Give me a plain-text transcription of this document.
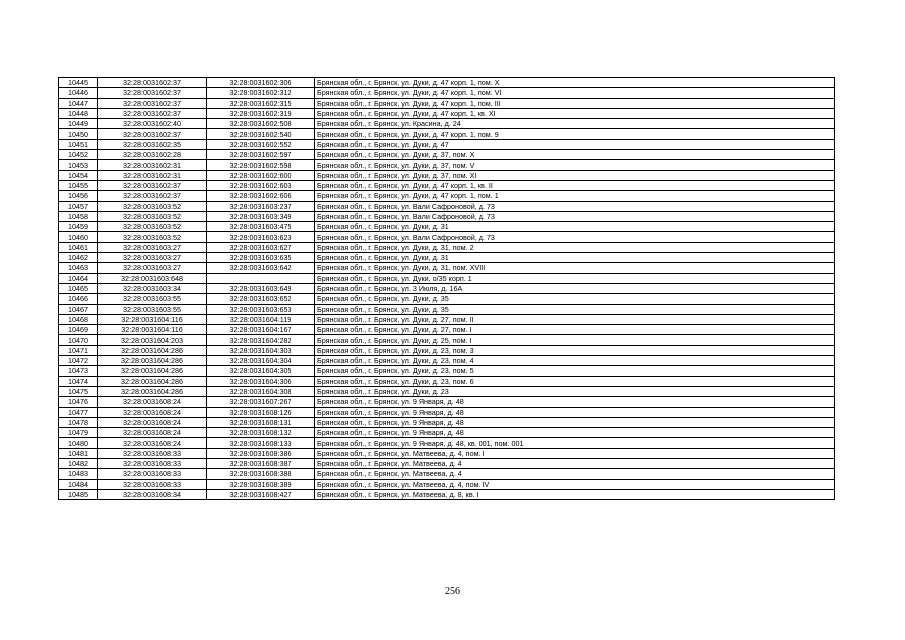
10445	32:28:0031602:37	32:28:0031602:306	Брянская обл., г. Брянск, ул. Дуки, д. 47 корп. 1, пом. Х
10446	32:28:0031602:37	32:28:0031602:312	Брянская обл., г. Брянск, ул. Дуки, д. 47 корп. 1, пом. VI
10447	32:28:0031602:37	32:28:0031602:315	Брянская обл., г. Брянск, ул. Дуки, д. 47 корп. 1, пом. III
10448	32:28:0031602:37	32:28:0031602:319	Брянская обл., г. Брянск, ул. Дуки, д. 47 корп. 1, кв. XI
10449	32:28:0031602:40	32:28:0031602:508	Брянская обл., г. Брянск, ул. Красина, д. 24
10450	32:28:0031602:37	32:28:0031602:540	Брянская обл., г. Брянск, ул. Дуки, д. 47 корп. 1, пом. 9
10451	32:28:0031602:35	32:28:0031602:552	Брянская обл., г. Брянск, ул. Дуки, д. 47
10452	32:28:0031602:28	32:28:0031602:597	Брянская обл., г. Брянск, ул. Дуки, д. 37, пом. Х
10453	32:28:0031602:31	32:28:0031602:598	Брянская обл., г. Брянск, ул. Дуки, д. 37, пом. V
10454	32:28:0031602:31	32:28:0031602:600	Брянская обл., г. Брянск, ул. Дуки, д. 37, пом. XI
10455	32:28:0031602:37	32:28:0031602:603	Брянская обл., г. Брянск, ул. Дуки, д. 47 корп. 1, кв. II
10456	32:28:0031602:37	32:28:0031602:606	Брянская обл., г. Брянск, ул. Дуки, д. 47 корп. 1, пом. 1
10457	32:28:0031603:52	32:28:0031603:237	Брянская обл., г. Брянск, ул. Вали Сафроновой, д. 73
10458	32:28:0031603:52	32:28:0031603:349	Брянская обл., г. Брянск, ул. Вали Сафроновой, д. 73
10459	32:28:0031603:52	32:28:0031603:475	Брянская обл., г. Брянск, ул. Дуки, д. 31
10460	32:28:0031603:52	32:28:0031603:623	Брянская обл., г. Брянск, ул. Вали Сафроновой, д. 73
10461	32:28:0031603:27	32:28:0031603:627	Брянская обл., г. Брянск, ул. Дуки, д. 31, пом. 2
10462	32:28:0031603:27	32:28:0031603:635	Брянская обл., г. Брянск, ул. Дуки, д. 31
10463	32:28:0031603:27	32:28:0031603:642	Брянская обл., г. Брянск, ул. Дуки, д. 31, пом. XVIII
10464	32:28:0031603:648		Брянская обл., г. Брянск, ул. Дуки, о/35 корп. 1
10465	32:28:0031603:34	32:28:0031603:649	Брянская обл., г. Брянск, ул. 3 Июля, д. 16А
10466	32:28:0031603:55	32:28:0031603:652	Брянская обл., г. Брянск, ул. Дуки, д. 35
10467	32:28:0031603:55	32:28:0031603:653	Брянская обл., г. Брянск, ул. Дуки, д. 35
10468	32:28:0031604:116	32:28:0031604:119	Брянская обл., г. Брянск, ул. Дуки, д. 27, пом. II
10469	32:28:0031604:116	32:28:0031604:167	Брянская обл., г. Брянск, ул. Дуки, д. 27, пом. I
10470	32:28:0031604:203	32:28:0031604:282	Брянская обл., г. Брянск, ул. Дуки, д. 25, пом. I
10471	32:28:0031604:286	32:28:0031604:303	Брянская обл., г. Брянск, ул. Дуки, д. 23, пом. 3
10472	32:28:0031604:286	32:28:0031604:304	Брянская обл., г. Брянск, ул. Дуки, д. 23, пом. 4
10473	32:28:0031604:286	32:28:0031604:305	Брянская обл., г. Брянск, ул. Дуки, д. 23, пом. 5
10474	32:28:0031604:286	32:28:0031604:306	Брянская обл., г. Брянск, ул. Дуки, д. 23, пом. 6
10475	32:28:0031604:286	32:28:0031604:308	Брянская обл., г. Брянск, ул. Дуки, д. 23
10476	32:28:0031608:24	32:28:0031607:267	Брянская обл., г. Брянск, ул. 9 Января, д. 48
10477	32:28:0031608:24	32:28:0031608:126	Брянская обл., г. Брянск, ул. 9 Января, д. 48
10478	32:28:0031608:24	32:28:0031608:131	Брянская обл., г. Брянск, ул. 9 Января, д. 48
10479	32:28:0031608:24	32:28:0031608:132	Брянская обл., г. Брянск, ул. 9 Января, д. 48
10480	32:28:0031608:24	32:28:0031608:133	Брянская обл., г. Брянск, ул. 9 Января, д. 48, кв. 001, пом. 001
10481	32:28:0031608:33	32:28:0031608:386	Брянская обл., г. Брянск, ул. Матвеева, д. 4, пом. I
10482	32:28:0031608:33	32:28:0031608:387	Брянская обл., г. Брянск, ул. Матвеева, д. 4
10483	32:28:0031608:33	32:28:0031608:388	Брянская обл., г. Брянск, ул. Матвеева, д. 4
10484	32:28:0031608:33	32:28:0031608:389	Брянская обл., г. Брянск, ул. Матвеева, д. 4, пом. IV
10485	32:28:0031608:34	32:28:0031608:427	Брянская обл., г. Брянск, ул. Матвеева, д. 8, кв. I
256
